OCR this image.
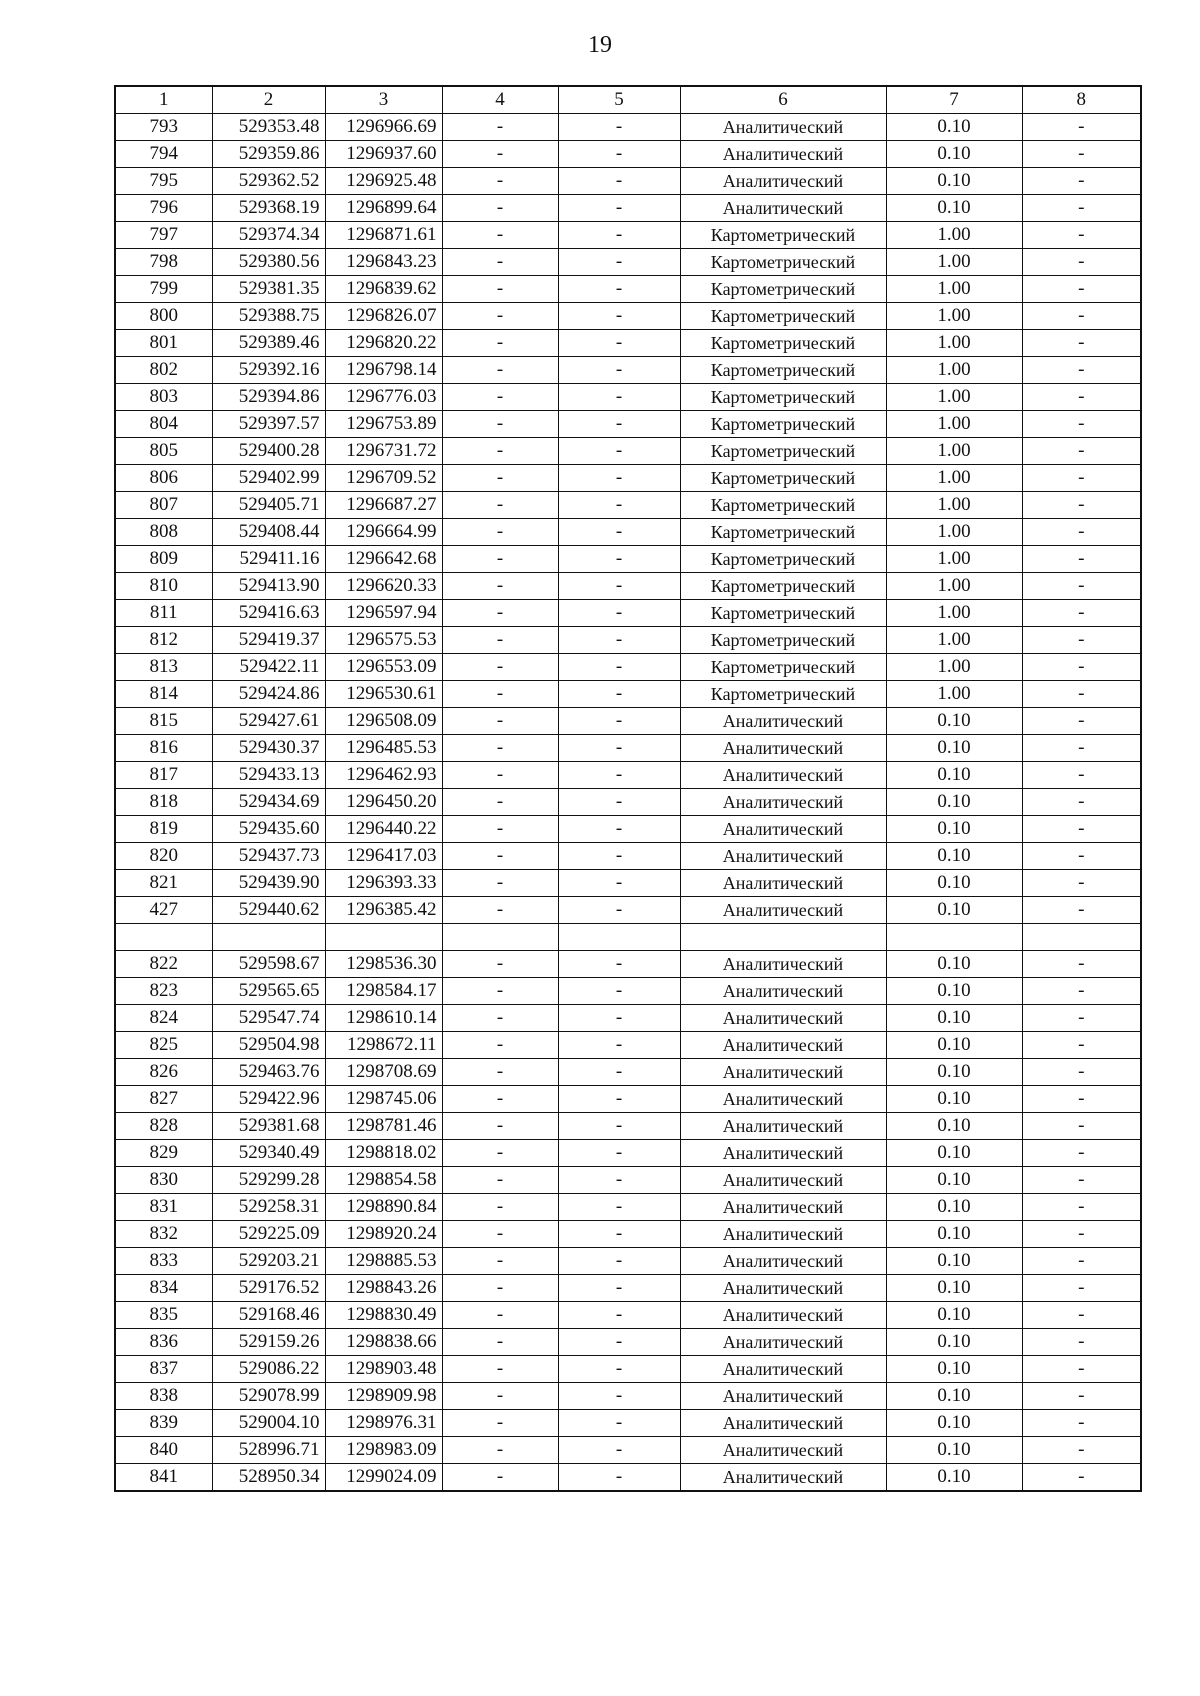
19
1	2	3	4	5	6	7	8
793	529353.48	1296966.69	-	-	Аналитический	0.10	-
794	529359.86	1296937.60	-	-	Аналитический	0.10	-
795	529362.52	1296925.48	-	-	Аналитический	0.10	-
796	529368.19	1296899.64	-	-	Аналитический	0.10	-
797	529374.34	1296871.61	-	-	Картометрический	1.00	-
798	529380.56	1296843.23	-	-	Картометрический	1.00	-
799	529381.35	1296839.62	-	-	Картометрический	1.00	-
800	529388.75	1296826.07	-	-	Картометрический	1.00	-
801	529389.46	1296820.22	-	-	Картометрический	1.00	-
802	529392.16	1296798.14	-	-	Картометрический	1.00	-
803	529394.86	1296776.03	-	-	Картометрический	1.00	-
804	529397.57	1296753.89	-	-	Картометрический	1.00	-
805	529400.28	1296731.72	-	-	Картометрический	1.00	-
806	529402.99	1296709.52	-	-	Картометрический	1.00	-
807	529405.71	1296687.27	-	-	Картометрический	1.00	-
808	529408.44	1296664.99	-	-	Картометрический	1.00	-
809	529411.16	1296642.68	-	-	Картометрический	1.00	-
810	529413.90	1296620.33	-	-	Картометрический	1.00	-
811	529416.63	1296597.94	-	-	Картометрический	1.00	-
812	529419.37	1296575.53	-	-	Картометрический	1.00	-
813	529422.11	1296553.09	-	-	Картометрический	1.00	-
814	529424.86	1296530.61	-	-	Картометрический	1.00	-
815	529427.61	1296508.09	-	-	Аналитический	0.10	-
816	529430.37	1296485.53	-	-	Аналитический	0.10	-
817	529433.13	1296462.93	-	-	Аналитический	0.10	-
818	529434.69	1296450.20	-	-	Аналитический	0.10	-
819	529435.60	1296440.22	-	-	Аналитический	0.10	-
820	529437.73	1296417.03	-	-	Аналитический	0.10	-
821	529439.90	1296393.33	-	-	Аналитический	0.10	-
427	529440.62	1296385.42	-	-	Аналитический	0.10	-

822	529598.67	1298536.30	-	-	Аналитический	0.10	-
823	529565.65	1298584.17	-	-	Аналитический	0.10	-
824	529547.74	1298610.14	-	-	Аналитический	0.10	-
825	529504.98	1298672.11	-	-	Аналитический	0.10	-
826	529463.76	1298708.69	-	-	Аналитический	0.10	-
827	529422.96	1298745.06	-	-	Аналитический	0.10	-
828	529381.68	1298781.46	-	-	Аналитический	0.10	-
829	529340.49	1298818.02	-	-	Аналитический	0.10	-
830	529299.28	1298854.58	-	-	Аналитический	0.10	-
831	529258.31	1298890.84	-	-	Аналитический	0.10	-
832	529225.09	1298920.24	-	-	Аналитический	0.10	-
833	529203.21	1298885.53	-	-	Аналитический	0.10	-
834	529176.52	1298843.26	-	-	Аналитический	0.10	-
835	529168.46	1298830.49	-	-	Аналитический	0.10	-
836	529159.26	1298838.66	-	-	Аналитический	0.10	-
837	529086.22	1298903.48	-	-	Аналитический	0.10	-
838	529078.99	1298909.98	-	-	Аналитический	0.10	-
839	529004.10	1298976.31	-	-	Аналитический	0.10	-
840	528996.71	1298983.09	-	-	Аналитический	0.10	-
841	528950.34	1299024.09	-	-	Аналитический	0.10	-
